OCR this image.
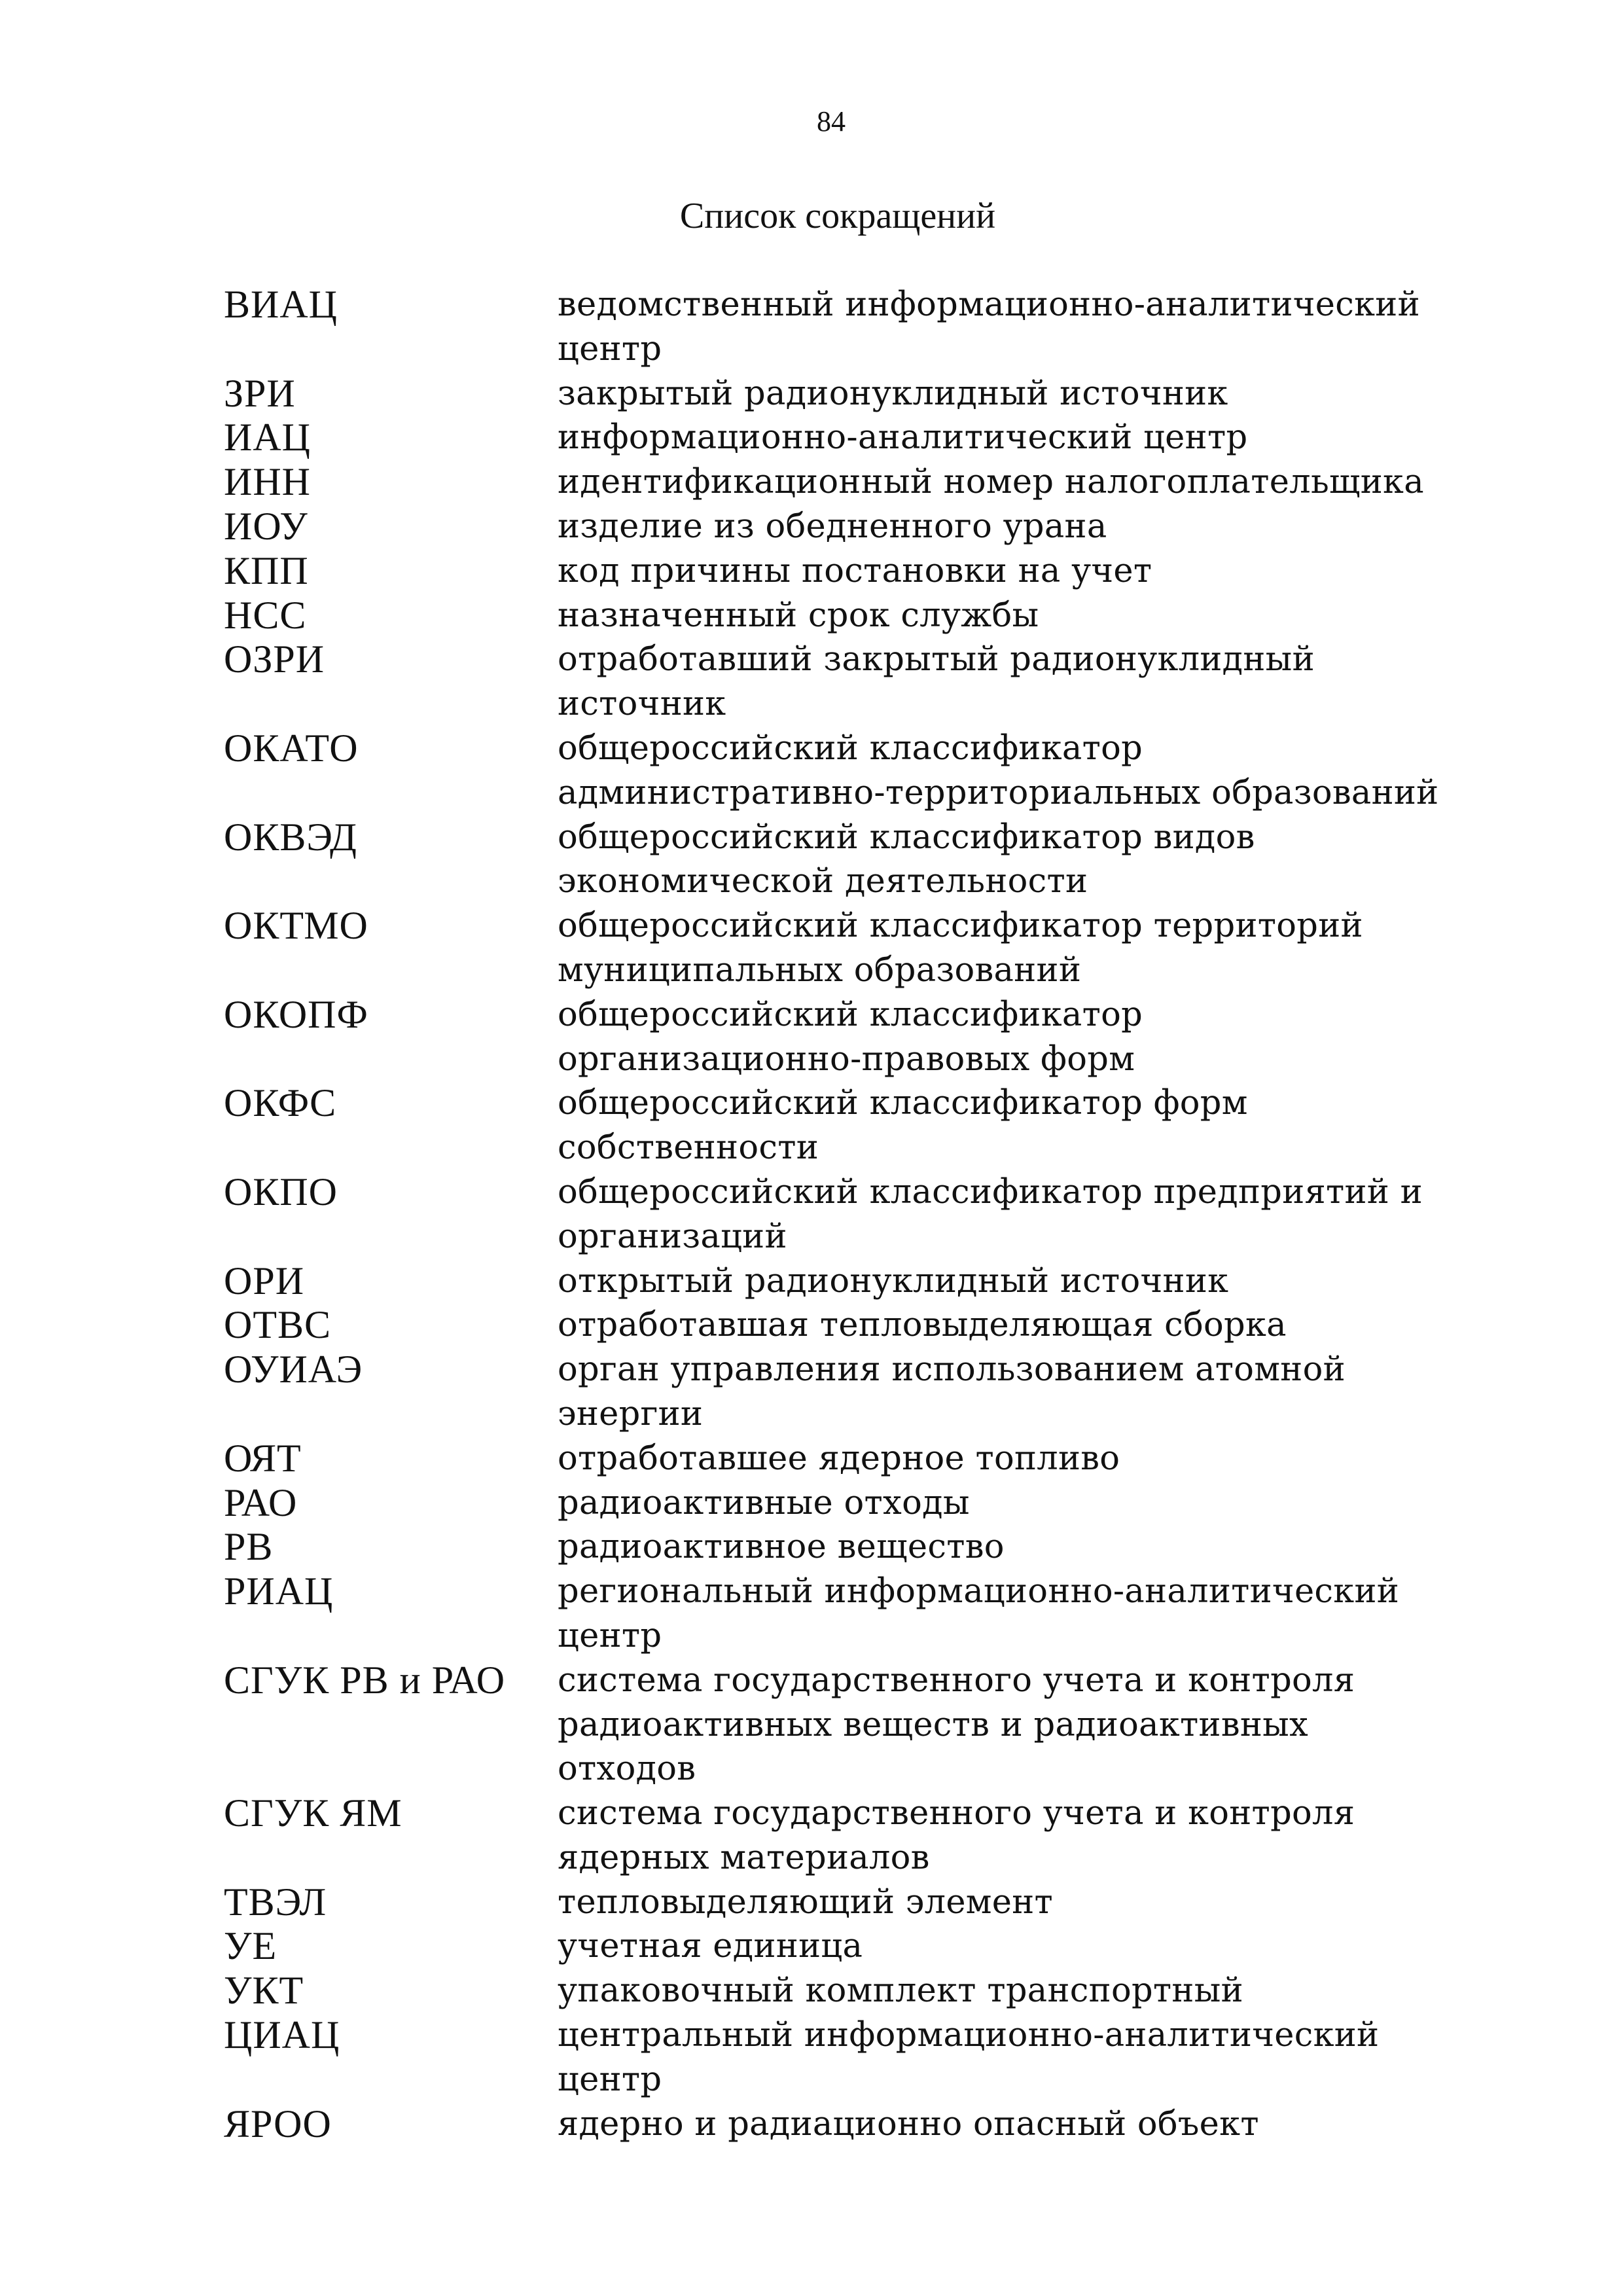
84
Список сокращений
ВИАЦ	ведомственный информационно-аналитический
центр
ЗРИ	закрытый радионуклидный источник
ИАЦ	информационно-аналитический центр
ИНН	идентификационный номер налогоплательщика
ИОУ	изделие из обедненного урана
КПП	код причины постановки на учет
НСС	назначенный срок службы
ОЗРИ	отработавший закрытый радионуклидный
источник
ОКАТО	общероссийский классификатор
административно-территориальных образований
ОКВЭД	общероссийский классификатор видов
экономической деятельности
ОКТМО	общероссийский классификатор территорий
муниципальных образований
ОКОПФ	общероссийский классификатор
организационно-правовых форм
ОКФС	общероссийский классификатор форм
собственности
ОКПО	общероссийский классификатор предприятий и
организаций
ОРИ	открытый радионуклидный источник
ОТВС	отработавшая тепловыделяющая сборка
ОУИАЭ	орган управления использованием атомной
энергии
ОЯТ	отработавшее ядерное топливо
РАО	радиоактивные отходы
РВ	радиоактивное вещество
РИАЦ	региональный информационно-аналитический
центр
СГУК РВ и РАО	система государственного учета и контроля
радиоактивных веществ и радиоактивных
отходов
СГУК ЯМ	система государственного учета и контроля
ядерных материалов
ТВЭЛ	тепловыделяющий элемент
УЕ	учетная единица
УКТ	упаковочный комплект транспортный
ЦИАЦ	центральный информационно-аналитический
центр
ЯРОО	ядерно и радиационно опасный объект
